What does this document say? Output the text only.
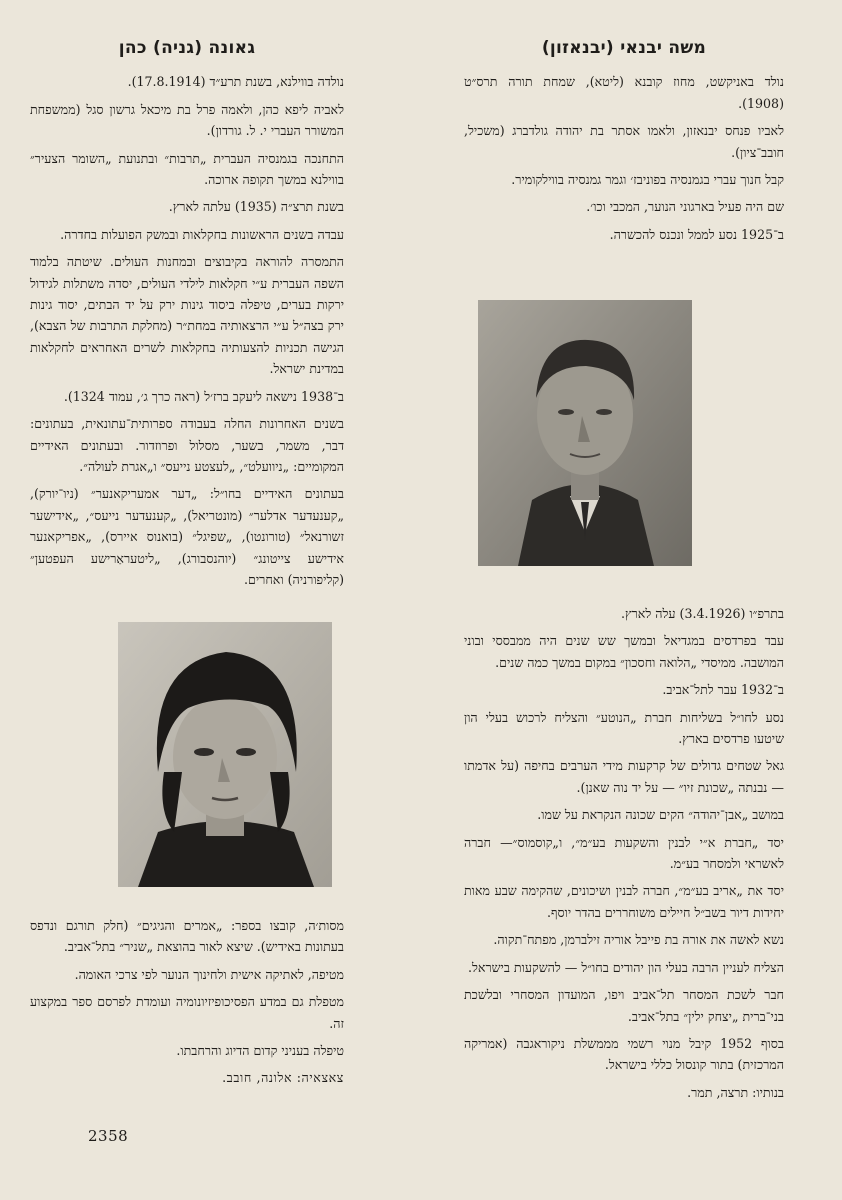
משה יבנאי (יבנאזון)

נולד באניקשט, מחוז קובנא (ליטא), שמחת תורה תרס״ט (1908).

לאביו פנחס יבנאזון, ולאמו אסתר בת יהודה גולדברג (משכיל, חובב־ציון).

קבל חנוך עברי בגמנסיה בפוניבז׳ וגמר גמנסיה בווילקומיר.

שם היה פעיל בארגוני הנוער, המכבי וכו׳.

ב־1925 נסע לממל ונכנס להכשרה.

בתרפ״ו (3.4.1926) עלה לארץ.

עבד בפרדסים במגדיאל ובמשך שש שנים היה ממבססי ובוני המושבה. ממיסדי „הלואה וחסכון״ במקום במשך כמה שנים.

ב־1932 עבר לתל־אביב.

נסע לחו״ל בשליחות חברת „הנוטע״ והצליח לרכוש בעלי הון שיטעו פרדסים בארץ.

גאל שטחים גדולים של קרקעות מידי הערבים בחיפה (על אדמתו — נבנתה „שכונת זיו״ — על יד נוה שאנן).

במושב „אבן־יהודה״ הקים שכונה הנקראת על שמו.

יסד „חברת א״י לבנין והשקעות בע״מ״, ו„קוסמוס״— חברה לאשראי ולמסחר בע״מ.

יסד את „אריב בע״מ״, חברה לבנין ושיכונים, שהקימה שבע מאות יחידות דיור בשב״ל חיילים משוחררים בהדר יוסף.

נשא לאשה את אורה בת פייבל אוריה זילברמן, מפתח־תקוה.

הצליח לעניין הרבה בעלי הון יהודים בחו״ל — להשקעות בישראל.

חבר לשכת המסחר תל־אביב ויפו, המועדון המסחרי ובלשכת בני־ברית „יצחק ילין״ בתל־אביב.

בסוף 1952 קיבל מנוי רשמי מממשלת ניקוראגבה (אמריקה המרכזית) בתור קונסול כללי בישראל.

בנותיו: תרצה, תמר.

גאונה (גניה) כהן

נולדה בווילנא, בשנת תרע״ד (17.8.1914).

לאביה ליפא כהן, ולאמה פרל בת מיכאל גרשון סגל (ממשפחת המשורר העברי י. ל. גורדון).

התחנכה בגמנסיה העברית „תרבות״ ובתנועת „השומר הצעיר״ בווילנא במשך תקופה ארוכה.

בשנת תרצ״ה (1935) עלתה לארץ.

עבדה בשנים הראשונות בחקלאות ובמשק הפועלות בחדרה.

התמסרה להוראה בקיבוצים ובמחנות העולים. שיטתה בלמוד השפה העברית ע״י חקלאות לילדי העולים, יסדה משתלות לגידול ירקות בערים, טיפלה ביסוד גינות ירק על יד הבתים, יסוד גינות ירק בצה״ל ע״י הרצאותיה במחת״ר (מחלקת התרבות של הצבא), הגישה תכניות להצעותיה בחקלאות לשרים האחראים לחקלאות במדינת ישראל.

ב־1938 נישאה ליעקב ברז׳ל (ראה כרך ג׳, עמוד 1324).

בשנים האחרונות החלה בעבודה ספרותית־עתונאית, בעתונים: דבר, משמר, בשער, מסלול ופרוזדור. ובעתונים האידיים המקומיים: „ניוועלט״, „לעצטע נייעס״ ו„אגרת לעולה״.

בעתונים האידיים בחו״ל: „דער אמעריקאנער״ (ניו־יורק), „קענעדער אדלער״ (מונטריאל), „קענעדער נייעס״, „אידישער זשורנאל״ (טורונטו), „שפיגל״ (בואנוס איירס), „אפריקאנער אידישע צייטונג״ (יוהנסבורג), „ליטעראַרישע העפטען״ (קליפורניה) ואחרים.

מסות׳ה, קובצו בספר: „אמרים והגיגים״ (חלק תורגם ונדפס בעתונות באידיש). שיצא לאור בהוצאת „שניר״ בתל־אביב.

מטיפה, לאתיקה אישית ולחינוך הנוער לפי צרכי האומה.

מטפלת גם במדע הפסיכופיזיונומיה ועומדת לפרסם ספר במקצוע זה.

טיפלה בעניני קדום הדיוג והרחבתו.

צאצאיה: אלונה, חובב.

2358
